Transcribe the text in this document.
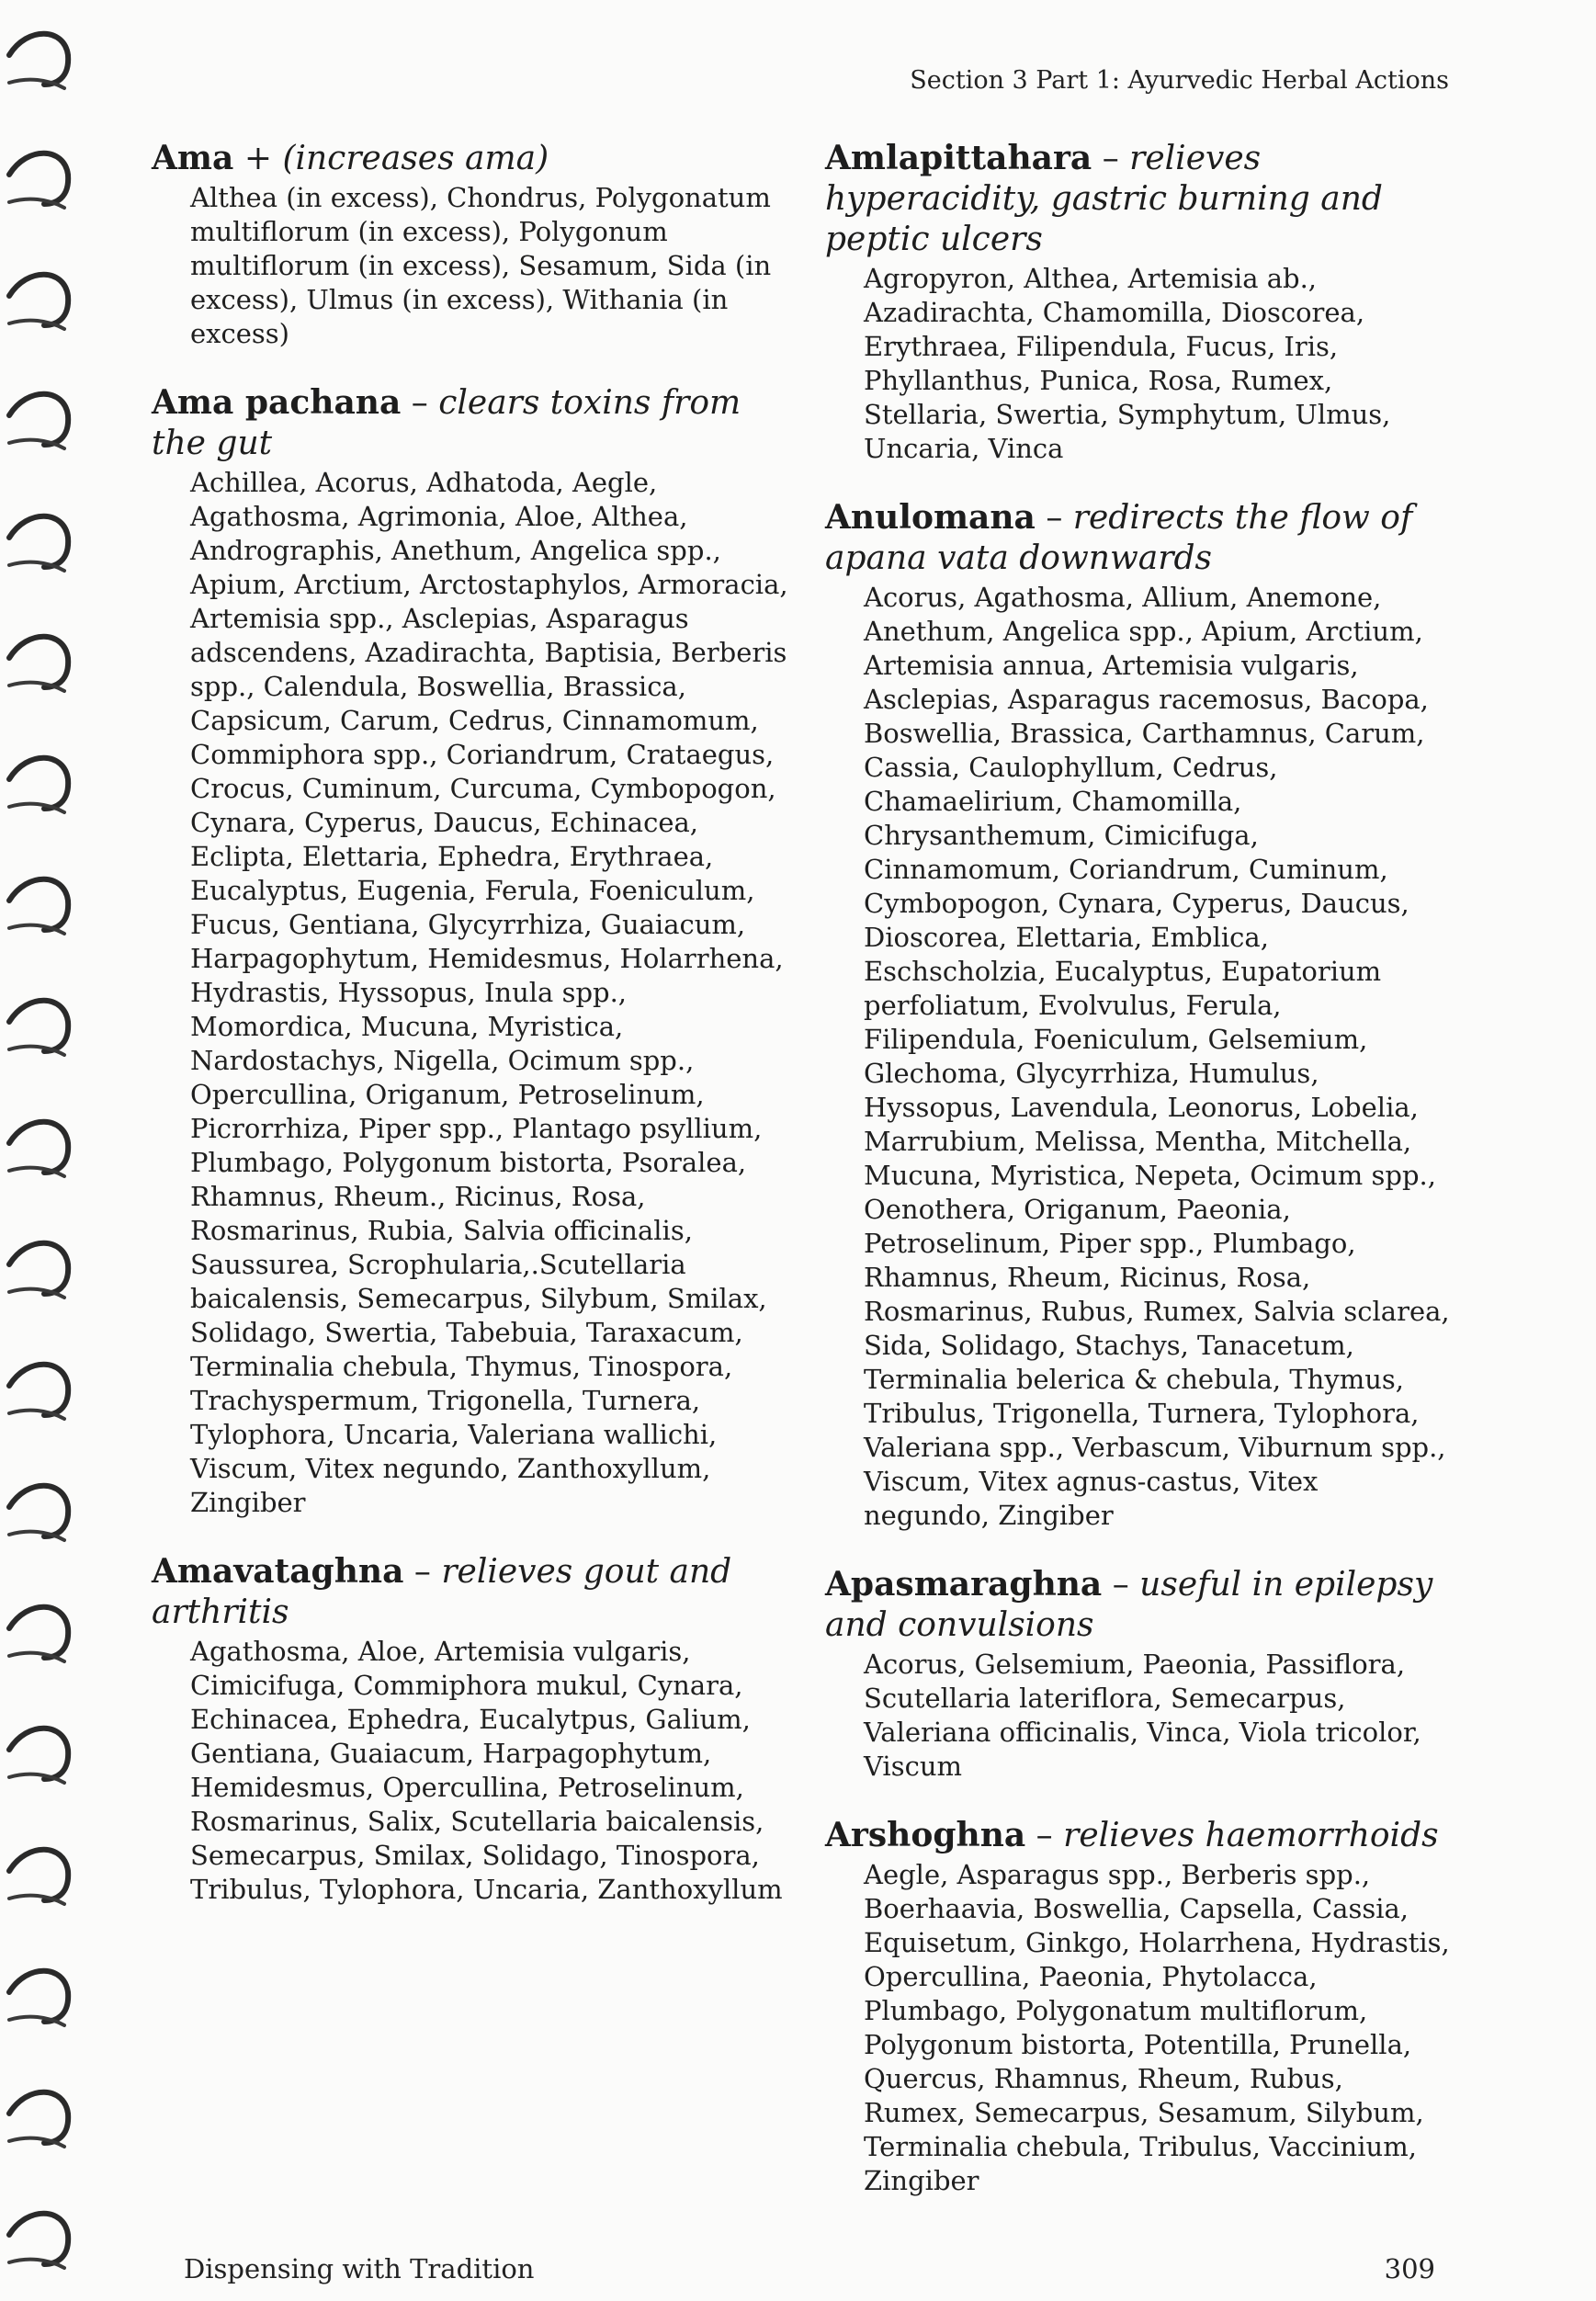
Section 3 Part 1: Ayurvedic Herbal Actions

Ama + (increases ama)

Althea (in excess), Chondrus, Polygonatum multiflorum (in excess), Polygonum multiflorum (in excess), Sesamum, Sida (in excess), Ulmus (in excess), Withania (in excess)

Ama pachana – clears toxins from the gut

Achillea, Acorus, Adhatoda, Aegle, Agathosma, Agrimonia, Aloe, Althea, Andrographis, Anethum, Angelica spp., Apium, Arctium, Arctostaphylos, Armoracia, Artemisia spp., Asclepias, Asparagus adscendens, Azadirachta, Baptisia, Berberis spp., Calendula, Boswellia, Brassica, Capsicum, Carum, Cedrus, Cinnamomum, Commiphora spp., Coriandrum, Crataegus, Crocus, Cuminum, Curcuma, Cymbopogon, Cynara, Cyperus, Daucus, Echinacea, Eclipta, Elettaria, Ephedra, Erythraea, Eucalyptus, Eugenia, Ferula, Foeniculum, Fucus, Gentiana, Glycyrrhiza, Guaiacum, Harpagophytum, Hemidesmus, Holarrhena, Hydrastis, Hyssopus, Inula spp., Momordica, Mucuna, Myristica, Nardostachys, Nigella, Ocimum spp., Opercullina, Origanum, Petroselinum, Picrorrhiza, Piper spp., Plantago psyllium, Plumbago, Polygonum bistorta, Psoralea, Rhamnus, Rheum., Ricinus, Rosa, Rosmarinus, Rubia, Salvia officinalis, Saussurea, Scrophularia,.Scutellaria baicalensis, Semecarpus, Silybum, Smilax, Solidago, Swertia, Tabebuia, Taraxacum, Terminalia chebula, Thymus, Tinospora, Trachyspermum, Trigonella, Turnera, Tylophora, Uncaria, Valeriana wallichi, Viscum, Vitex negundo, Zanthoxyllum, Zingiber

Amavataghna – relieves gout and arthritis

Agathosma, Aloe, Artemisia vulgaris, Cimicifuga, Commiphora mukul, Cynara, Echinacea, Ephedra, Eucalytpus, Galium, Gentiana, Guaiacum, Harpagophytum, Hemidesmus, Opercullina, Petroselinum, Rosmarinus, Salix, Scutellaria baicalensis, Semecarpus, Smilax, Solidago, Tinospora, Tribulus, Tylophora, Uncaria, Zanthoxyllum

Amlapittahara – relieves hyperacidity, gastric burning and peptic ulcers

Agropyron, Althea, Artemisia ab., Azadirachta, Chamomilla, Dioscorea, Erythraea, Filipendula, Fucus, Iris, Phyllanthus, Punica, Rosa, Rumex, Stellaria, Swertia, Symphytum, Ulmus, Uncaria, Vinca

Anulomana – redirects the flow of apana vata downwards

Acorus, Agathosma, Allium, Anemone, Anethum, Angelica spp., Apium, Arctium, Artemisia annua, Artemisia vulgaris, Asclepias, Asparagus racemosus, Bacopa, Boswellia, Brassica, Carthamnus, Carum, Cassia, Caulophyllum, Cedrus, Chamaelirium, Chamomilla, Chrysanthemum, Cimicifuga, Cinnamomum, Coriandrum, Cuminum, Cymbopogon, Cynara, Cyperus, Daucus, Dioscorea, Elettaria, Emblica, Eschscholzia, Eucalyptus, Eupatorium perfoliatum, Evolvulus, Ferula, Filipendula, Foeniculum, Gelsemium, Glechoma, Glycyrrhiza, Humulus, Hyssopus, Lavendula, Leonorus, Lobelia, Marrubium, Melissa, Mentha, Mitchella, Mucuna, Myristica, Nepeta, Ocimum spp., Oenothera, Origanum, Paeonia, Petroselinum, Piper spp., Plumbago, Rhamnus, Rheum, Ricinus, Rosa, Rosmarinus, Rubus, Rumex, Salvia sclarea, Sida, Solidago, Stachys, Tanacetum, Terminalia belerica & chebula, Thymus, Tribulus, Trigonella, Turnera, Tylophora, Valeriana spp., Verbascum, Viburnum spp., Viscum, Vitex agnus-castus, Vitex negundo, Zingiber

Apasmaraghna – useful in epilepsy and convulsions

Acorus, Gelsemium, Paeonia, Passiflora, Scutellaria lateriflora, Semecarpus, Valeriana officinalis, Vinca, Viola tricolor, Viscum

Arshoghna – relieves haemorrhoids

Aegle, Asparagus spp., Berberis spp., Boerhaavia, Boswellia, Capsella, Cassia, Equisetum, Ginkgo, Holarrhena, Hydrastis, Opercullina, Paeonia, Phytolacca, Plumbago, Polygonatum multiflorum, Polygonum bistorta, Potentilla, Prunella, Quercus, Rhamnus, Rheum, Rubus, Rumex, Semecarpus, Sesamum, Silybum, Terminalia chebula, Tribulus, Vaccinium, Zingiber
Dispensing with Tradition	309
